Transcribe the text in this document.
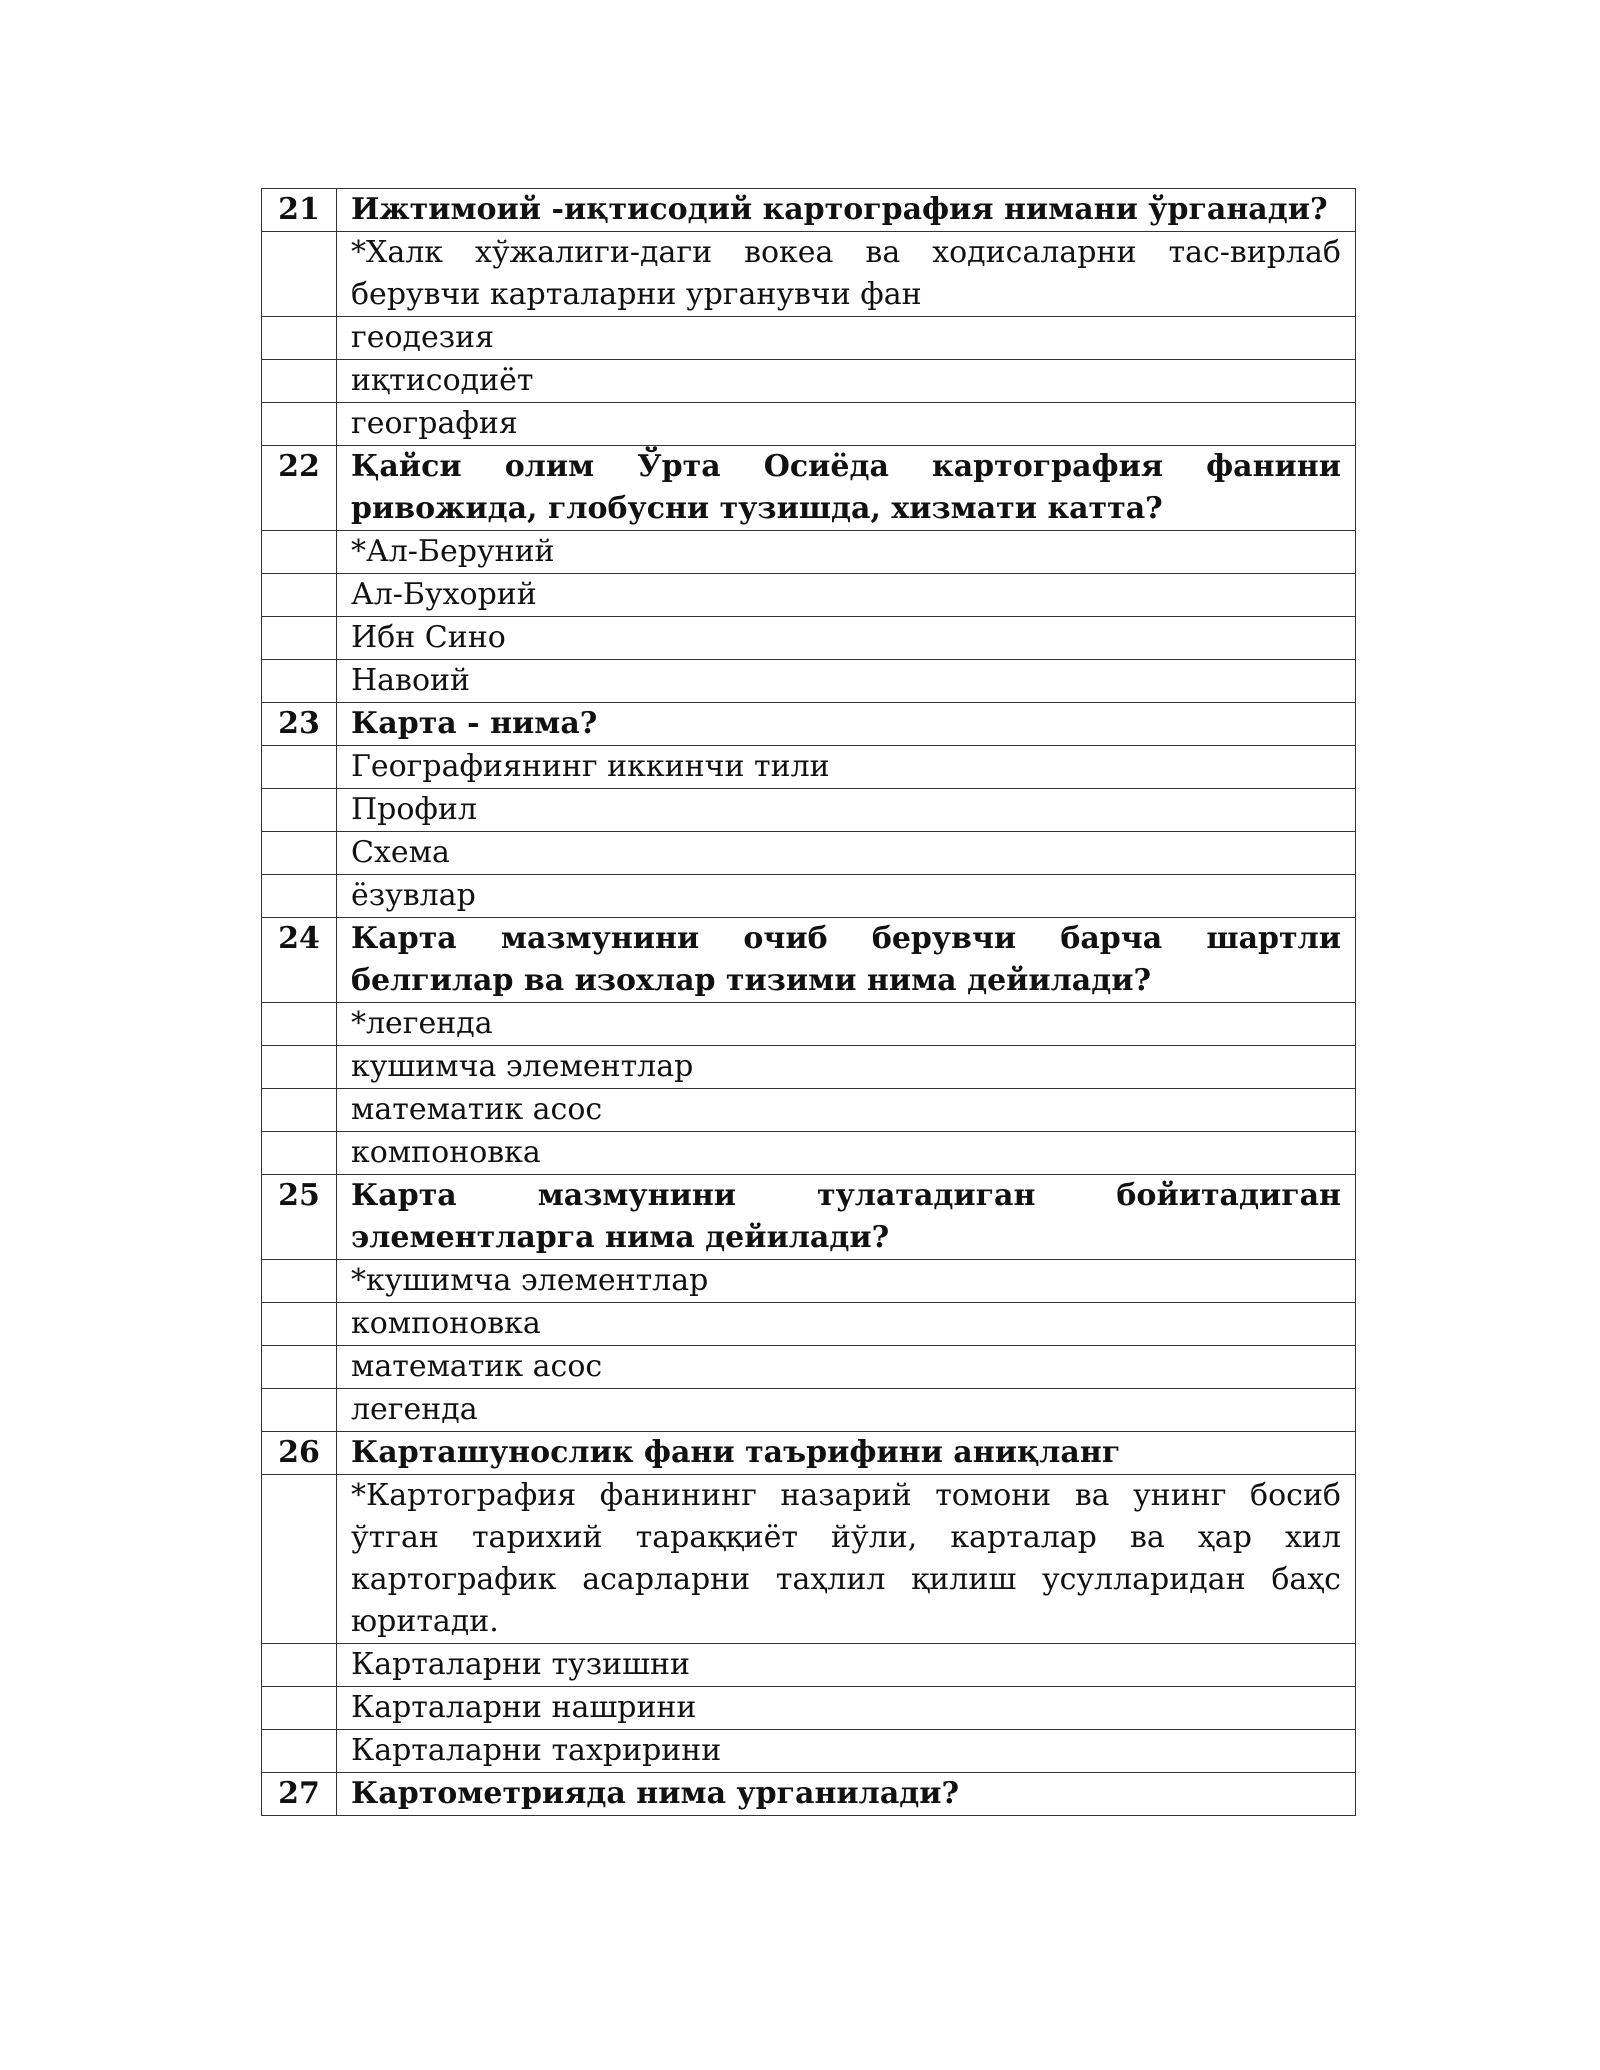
21	Ижтимоий -иқтисодий картография нимани ўрганади?
	*Халк хўжалиги-даги вокеа ва ходисаларни тас-вирлаб берувчи карталарни урганувчи фан
	геодезия
	иқтисодиёт
	география
22	Қайси олим Ўрта Осиёда картография фанини ривожида, глобусни тузишда, хизмати катта?
	*Ал-Беруний
	Ал-Бухорий
	Ибн Сино
	Навоий
23	Карта - нима?
	Географиянинг иккинчи тили
	Профил
	Схема
	ёзувлар
24	Карта мазмунини очиб берувчи барча шартли белгилар ва изохлар тизими нима дейилади?
	*легенда
	кушимча элементлар
	математик асос
	компоновка
25	Карта мазмунини тулатадиган бойитадиган элементларга нима дейилади?
	*кушимча элементлар
	компоновка
	математик асос
	легенда
26	Карташунослик фани таърифини аниқланг
	*Картография фанининг назарий томони ва унинг босиб ўтган тарихий тараққиёт йўли, карталар ва ҳар хил картографик асарларни таҳлил қилиш усулларидан баҳс юритади.
	Карталарни тузишни
	Карталарни нашрини
	Карталарни тахририни
27	Картометрияда нима урганилади?
